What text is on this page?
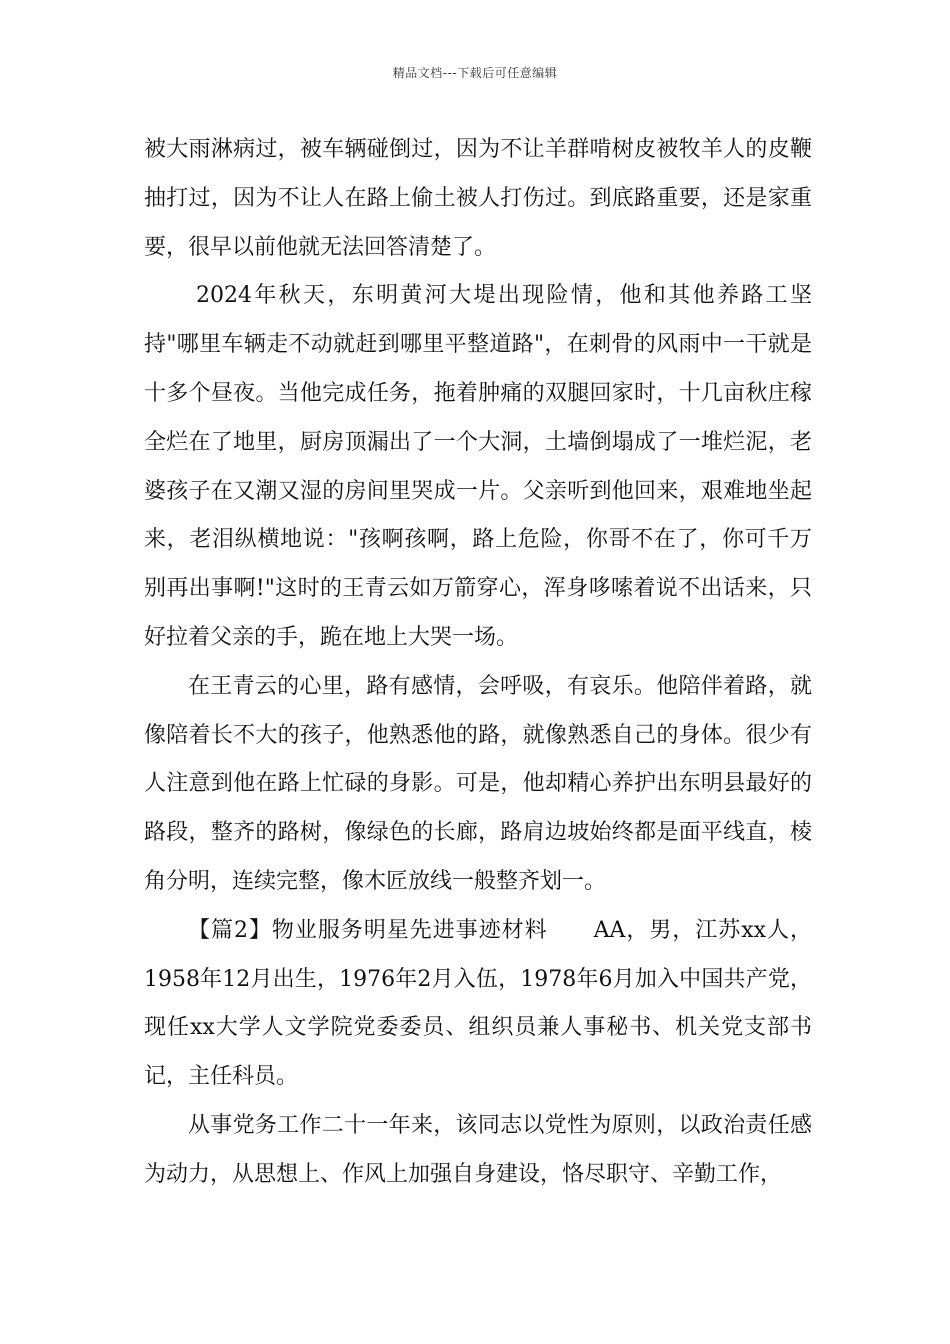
精品文档---下载后可任意编辑

被大雨淋病过，被车辆碰倒过，因为不让羊群啃树皮被牧羊人的皮鞭抽打过，因为不让人在路上偷土被人打伤过。到底路重要，还是家重要，很早以前他就无法回答清楚了。

2024年秋天，东明黄河大堤出现险情，他和其他养路工坚持"哪里车辆走不动就赶到哪里平整道路"，在刺骨的风雨中一干就是十多个昼夜。当他完成任务，拖着肿痛的双腿回家时，十几亩秋庄稼全烂在了地里，厨房顶漏出了一个大洞，土墙倒塌成了一堆烂泥，老婆孩子在又潮又湿的房间里哭成一片。父亲听到他回来，艰难地坐起来，老泪纵横地说："孩啊孩啊，路上危险，你哥不在了，你可千万别再出事啊!"这时的王青云如万箭穿心，浑身哆嗦着说不出话来，只好拉着父亲的手，跪在地上大哭一场。

在王青云的心里，路有感情，会呼吸，有哀乐。他陪伴着路，就像陪着长不大的孩子，他熟悉他的路，就像熟悉自己的身体。很少有人注意到他在路上忙碌的身影。可是，他却精心养护出东明县最好的路段，整齐的路树，像绿色的长廊，路肩边坡始终都是面平线直，棱角分明，连续完整，像木匠放线一般整齐划一。

【篇2】物业服务明星先进事迹材料　　AA，男，江苏xx人，1958年12月出生，1976年2月入伍，1978年6月加入中国共产党，现任xx大学人文学院党委委员、组织员兼人事秘书、机关党支部书记，主任科员。

从事党务工作二十一年来，该同志以党性为原则，以政治责任感为动力，从思想上、作风上加强自身建设，恪尽职守、辛勤工作，
